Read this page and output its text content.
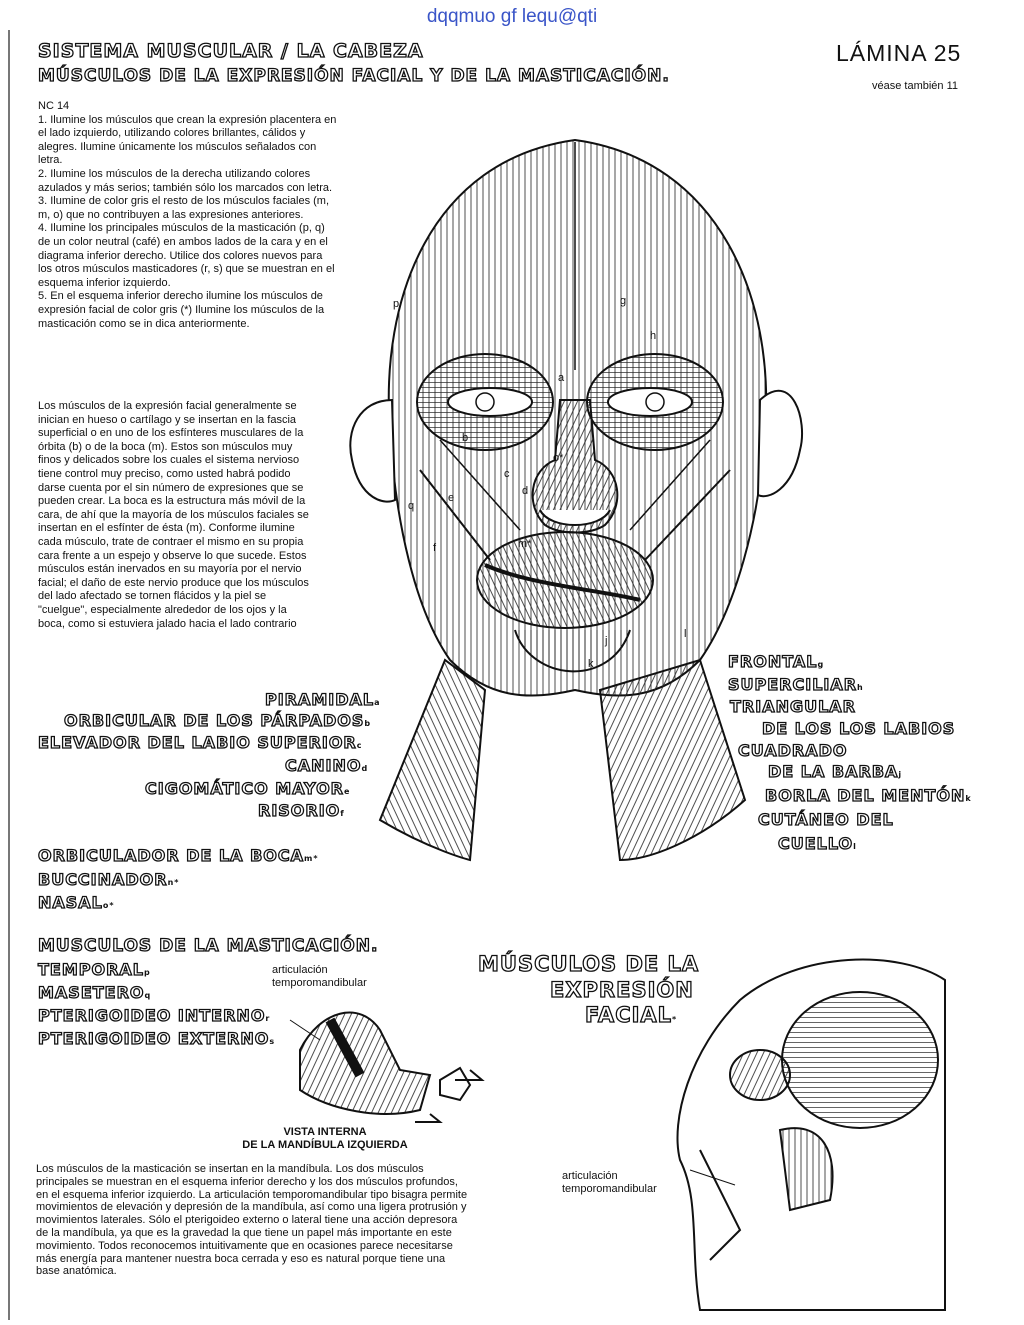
dqqmuo gf lequ@qti
SISTEMA MUSCULAR / LA CABEZA
MÚSCULOS DE LA EXPRESIÓN FACIAL Y DE LA MASTICACIÓN.
LÁMINA 25
véase también 11

NC 14

1. Ilumine los músculos que crean la expresión placentera en el lado izquierdo, utilizando colores brillantes, cálidos y alegres. Ilumine únicamente los músculos señalados con letra.

2. Ilumine los músculos de la derecha utilizando colores azulados y más serios; también sólo los marcados con letra.

3. Ilumine de color gris el resto de los músculos faciales (m, m, o) que no contribuyen a las expresiones anteriores.

4. Ilumine los principales músculos de la masticación (p, q) de un color neutral (café) en ambos lados de la cara y en el diagrama inferior derecho. Utilice dos colores nuevos para los otros músculos masticadores (r, s) que se muestran en el esquema inferior izquierdo.

5. En el esquema inferior derecho ilumine los músculos de expresión facial de color gris (*) Ilumine los músculos de la masticación como se in dica anteriormente.

Los músculos de la expresión facial generalmente se inician en hueso o cartílago y se insertan en la fascia superficial o en uno de los esfínteres musculares de la órbita (b) o de la boca (m). Estos son músculos muy finos y delicados sobre los cuales el sistema nervioso tiene control muy preciso, como usted habrá podido darse cuenta por el sin número de expresiones que se pueden crear. La boca es la estructura más móvil de la cara, de ahí que la mayoría de los músculos faciales se insertan en el esfínter de ésta (m). Conforme ilumine cada músculo, trate de contraer el mismo en su propia cara frente a un espejo y observe lo que sucede. Estos músculos están inervados en su mayoría por el nervio facial; el daño de este nervio produce que los músculos del lado afectado se tornen flácidos y la piel se "cuelgue", especialmente alrededor de los ojos y la boca, como si estuviera jalado hacia el lado contrario
a
b
c
d
e
f
g
h
j
k
l
p
q
m*
o*
PIRAMIDALa
ORBICULAR DE LOS PÁRPADOSb
ELEVADOR DEL LABIO SUPERIORc
CANINOd
CIGOMÁTICO MAYORe
RISORIOf
FRONTALg
SUPERCILIARh
TRIANGULAR
DE LOS LOS LABIOS
CUADRADO
DE LA BARBAj
BORLA DEL MENTÓNk
CUTÁNEO DEL
CUELLOl
ORBICULADOR DE LA BOCAm*
BUCCINADORn*
NASALo*
MUSCULOS DE LA MASTICACIÓN.
TEMPORALp
MASETEROq
PTERIGOIDEO INTERNOr
PTERIGOIDEO EXTERNOs
articulación temporomandibular
VISTA INTERNA
DE LA MANDÍBULA IZQUIERDA
Los músculos de la masticación se insertan en la mandíbula. Los dos músculos principales se muestran en el esquema inferior derecho y los dos músculos profundos, en el esquema inferior izquierdo. La articulación temporomandibular tipo bisagra permite movimientos de elevación y depresión de la mandíbula, así como una ligera protrusión y movimientos laterales. Sólo el pterigoideo externo o lateral tiene una acción depresora de la mandíbula, ya que es la gravedad la que tiene un papel más importante en este movimiento. Todos reconocemos intuitivamente que en ocasiones parece necesitarse más energía para mantener nuestra boca cerrada y eso es natural porque tiene una base anatómica.
MÚSCULOS DE LA
EXPRESIÓN
FACIAL*
articulación temporomandibular
